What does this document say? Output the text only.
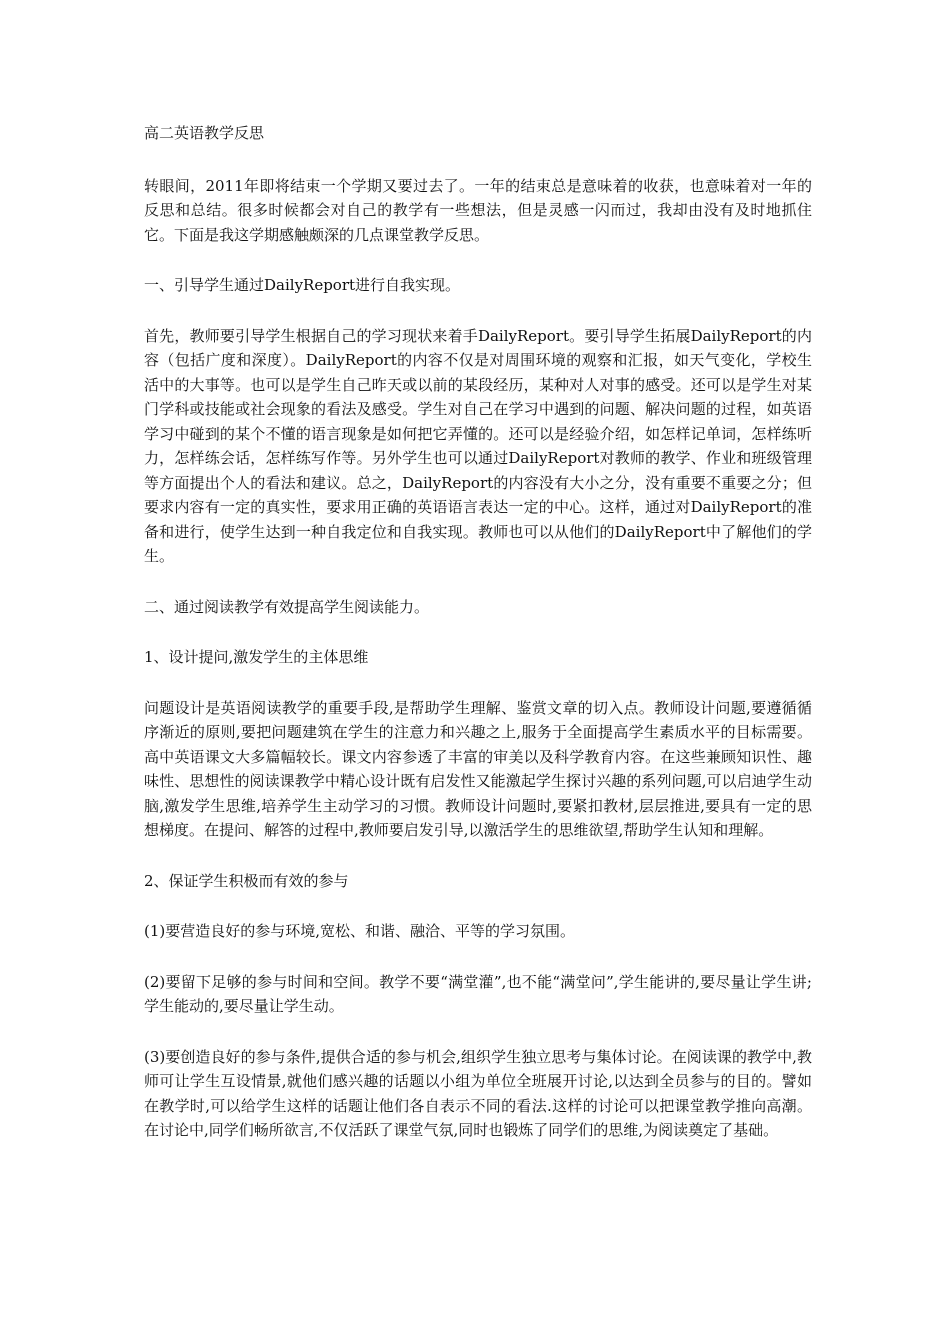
高二英语教学反思

转眼间，2011年即将结束一个学期又要过去了。一年的结束总是意味着的收获，也意味着对一年的反思和总结。很多时候都会对自己的教学有一些想法，但是灵感一闪而过，我却由没有及时地抓住它。下面是我这学期感触颇深的几点课堂教学反思。

一、引导学生通过DailyReport进行自我实现。

首先，教师要引导学生根据自己的学习现状来着手DailyReport。要引导学生拓展DailyReport的内容（包括广度和深度）。DailyReport的内容不仅是对周围环境的观察和汇报，如天气变化，学校生活中的大事等。也可以是学生自己昨天或以前的某段经历，某种对人对事的感受。还可以是学生对某门学科或技能或社会现象的看法及感受。学生对自己在学习中遇到的问题、解决问题的过程，如英语学习中碰到的某个不懂的语言现象是如何把它弄懂的。还可以是经验介绍，如怎样记单词，怎样练听力，怎样练会话，怎样练写作等。另外学生也可以通过DailyReport对教师的教学、作业和班级管理等方面提出个人的看法和建议。总之，DailyReport的内容没有大小之分，没有重要不重要之分；但要求内容有一定的真实性，要求用正确的英语语言表达一定的中心。这样，通过对DailyReport的准备和进行，使学生达到一种自我定位和自我实现。教师也可以从他们的DailyReport中了解他们的学生。

二、通过阅读教学有效提高学生阅读能力。

1、设计提问,激发学生的主体思维

问题设计是英语阅读教学的重要手段,是帮助学生理解、鉴赏文章的切入点。教师设计问题,要遵循循序渐近的原则,要把问题建筑在学生的注意力和兴趣之上,服务于全面提高学生素质水平的目标需要。高中英语课文大多篇幅较长。课文内容参透了丰富的审美以及科学教育内容。在这些兼顾知识性、趣味性、思想性的阅读课教学中精心设计既有启发性又能激起学生探讨兴趣的系列问题,可以启迪学生动脑,激发学生思维,培养学生主动学习的习惯。教师设计问题时,要紧扣教材,层层推进,要具有一定的思想梯度。在提问、解答的过程中,教师要启发引导,以激活学生的思维欲望,帮助学生认知和理解。

2、保证学生积极而有效的参与

(1)要营造良好的参与环境,宽松、和谐、融洽、平等的学习氛围。

(2)要留下足够的参与时间和空间。教学不要“满堂灌”,也不能“满堂问”,学生能讲的,要尽量让学生讲;学生能动的,要尽量让学生动。

(3)要创造良好的参与条件,提供合适的参与机会,组织学生独立思考与集体讨论。在阅读课的教学中,教师可让学生互设情景,就他们感兴趣的话题以小组为单位全班展开讨论,以达到全员参与的目的。譬如在教学时,可以给学生这样的话题让他们各自表示不同的看法.这样的讨论可以把课堂教学推向高潮。在讨论中,同学们畅所欲言,不仅活跃了课堂气氛,同时也锻炼了同学们的思维,为阅读奠定了基础。
